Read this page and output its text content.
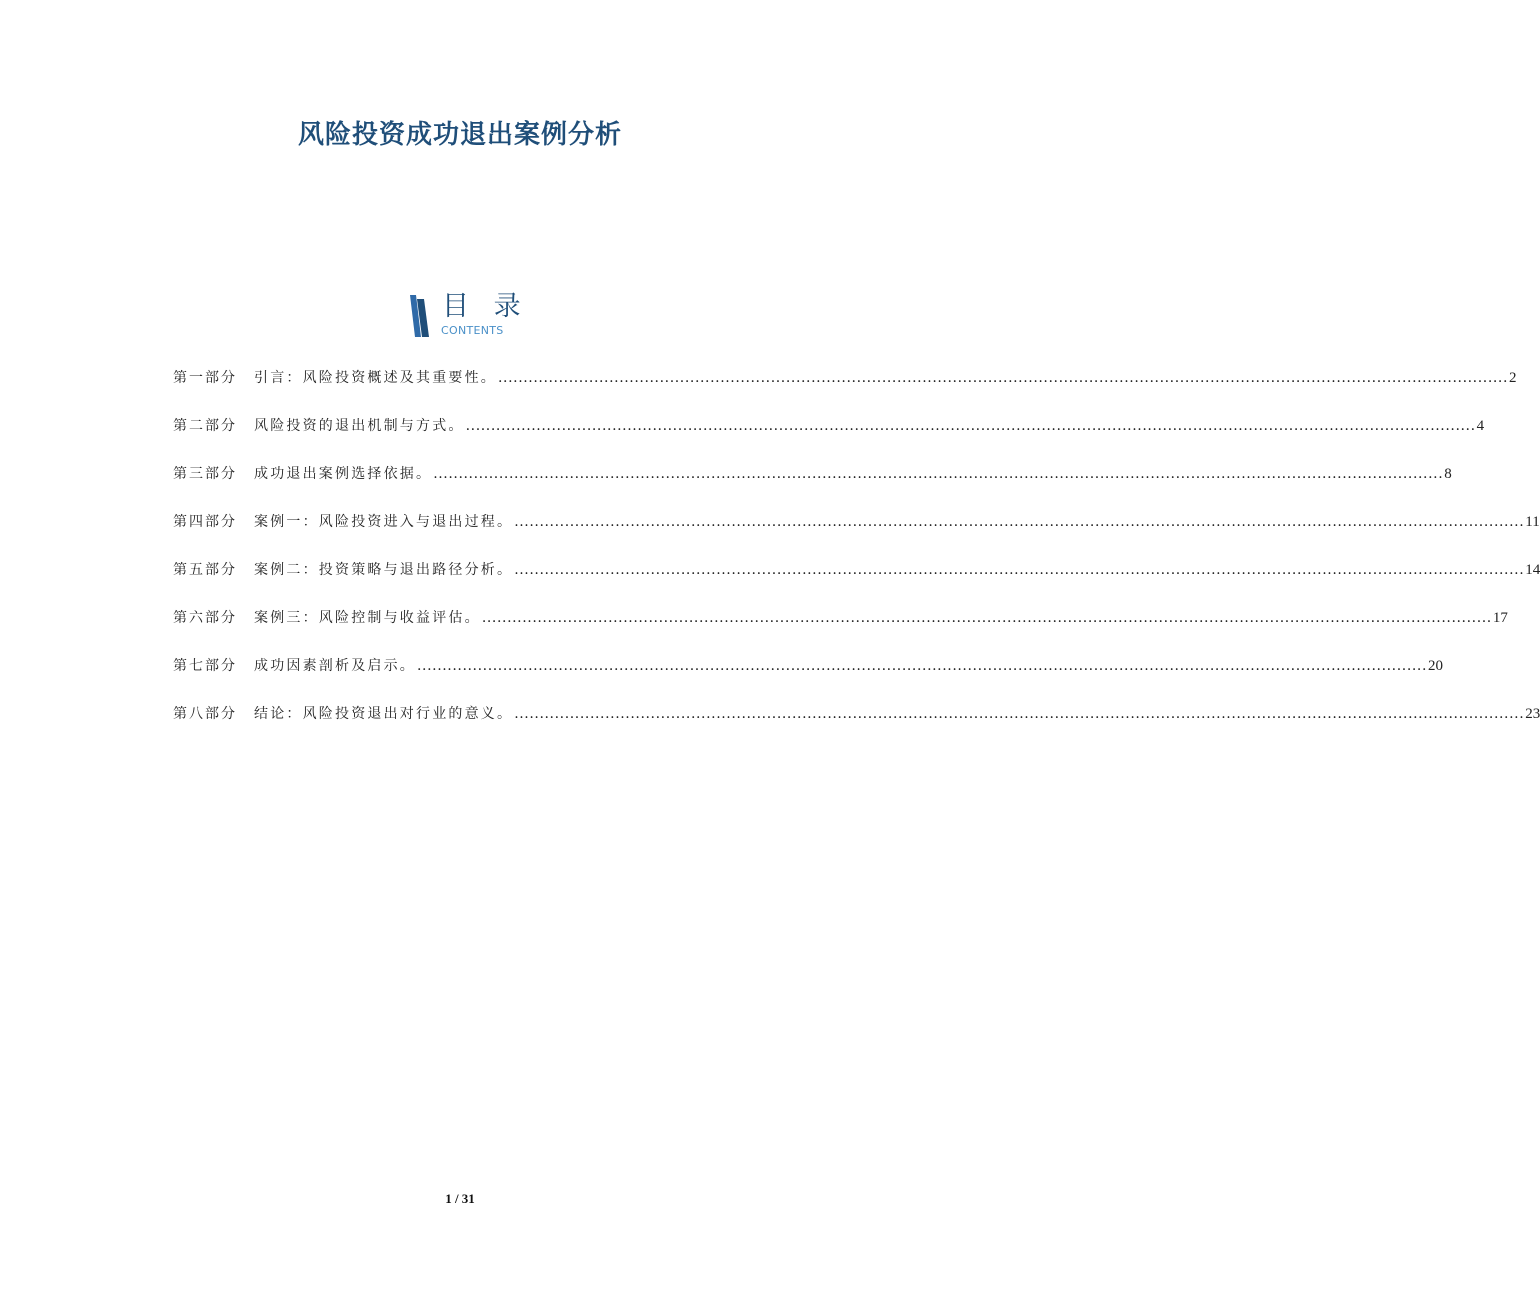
风险投资成功退出案例分析
目 录
CONTENTS
第一部分	引言：风险投资概述及其重要性。 ........................................................................................................................................................................................................ 2
第二部分	风险投资的退出机制与方式。 ........................................................................................................................................................................................................ 4
第三部分	成功退出案例选择依据。 ........................................................................................................................................................................................................ 8
第四部分	案例一：风险投资进入与退出过程。 ........................................................................................................................................................................................................ 11
第五部分	案例二：投资策略与退出路径分析。 ........................................................................................................................................................................................................ 14
第六部分	案例三：风险控制与收益评估。 ........................................................................................................................................................................................................ 17
第七部分	成功因素剖析及启示。 ........................................................................................................................................................................................................ 20
第八部分	结论：风险投资退出对行业的意义。 ........................................................................................................................................................................................................ 23
1 / 31
